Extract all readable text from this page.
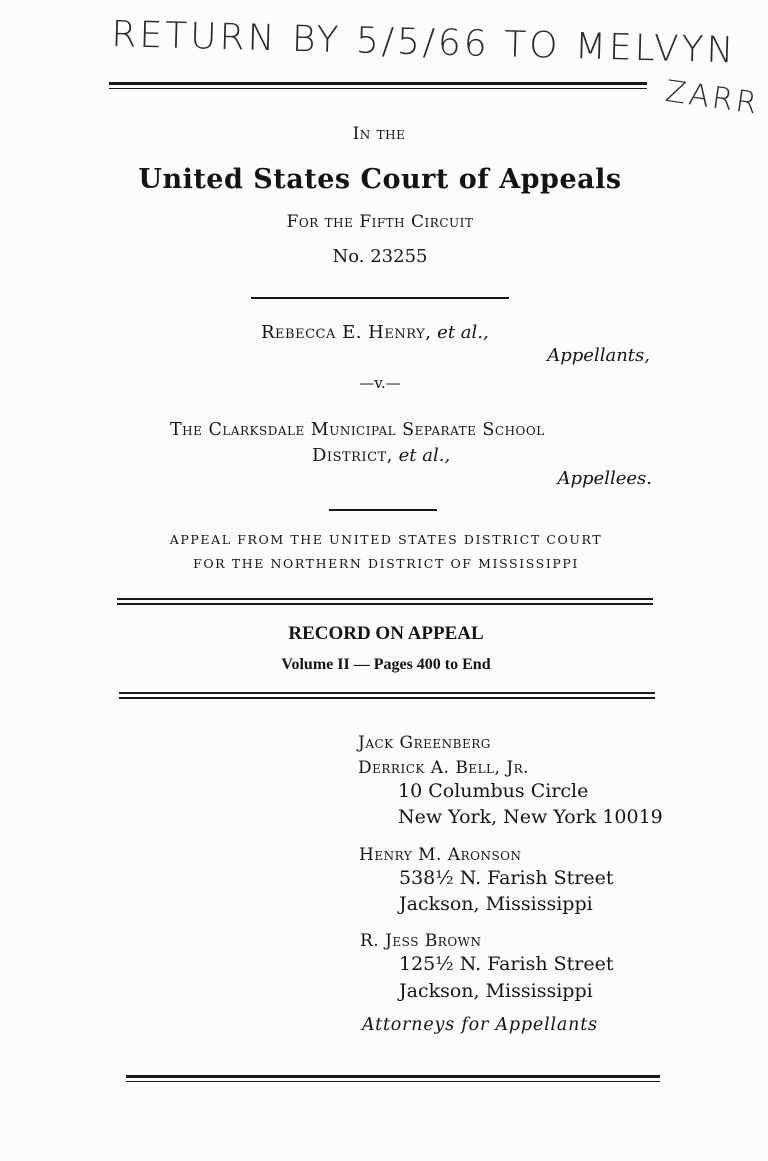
RETURN BY 5/5/66 TO MELVYN
ZARR
In the
United States Court of Appeals
For the Fifth Circuit
No. 23255
Rebecca E. Henry, et al.,
Appellants,
—v.—
The Clarksdale Municipal Separate School
District, et al.,
Appellees.
APPEAL FROM THE UNITED STATES DISTRICT COURT
FOR THE NORTHERN DISTRICT OF MISSISSIPPI
RECORD ON APPEAL
Volume II — Pages 400 to End
Jack Greenberg
Derrick A. Bell, Jr.
10 Columbus Circle
New York, New York 10019
Henry M. Aronson
538½ N. Farish Street
Jackson, Mississippi
R. Jess Brown
125½ N. Farish Street
Jackson, Mississippi
Attorneys for Appellants
